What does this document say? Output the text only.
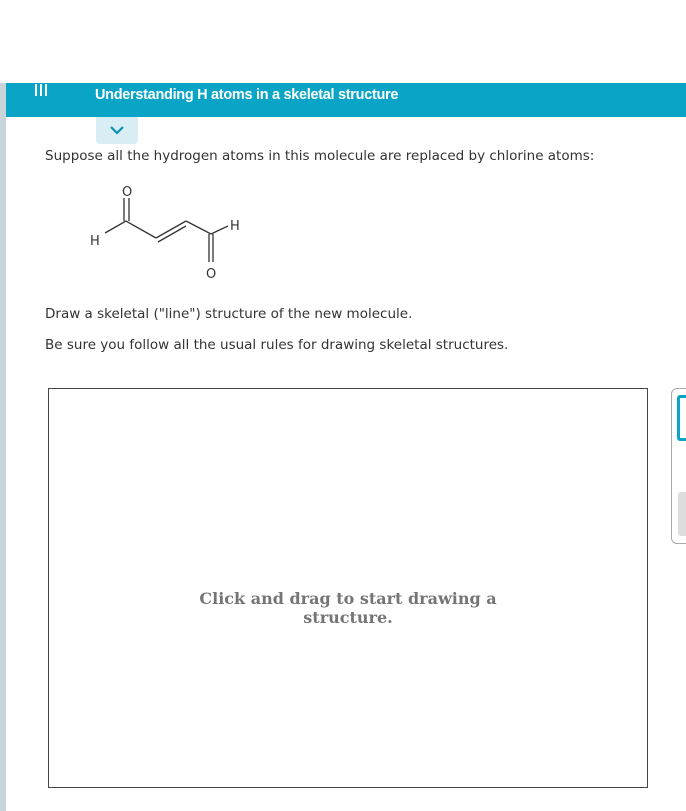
Understanding H atoms in a skeletal structure
Suppose all the hydrogen atoms in this molecule are replaced by chlorine atoms:
O
H
H
O
Draw a skeletal ("line") structure of the new molecule.
Be sure you follow all the usual rules for drawing skeletal structures.
Click and drag to start drawing a
structure.
